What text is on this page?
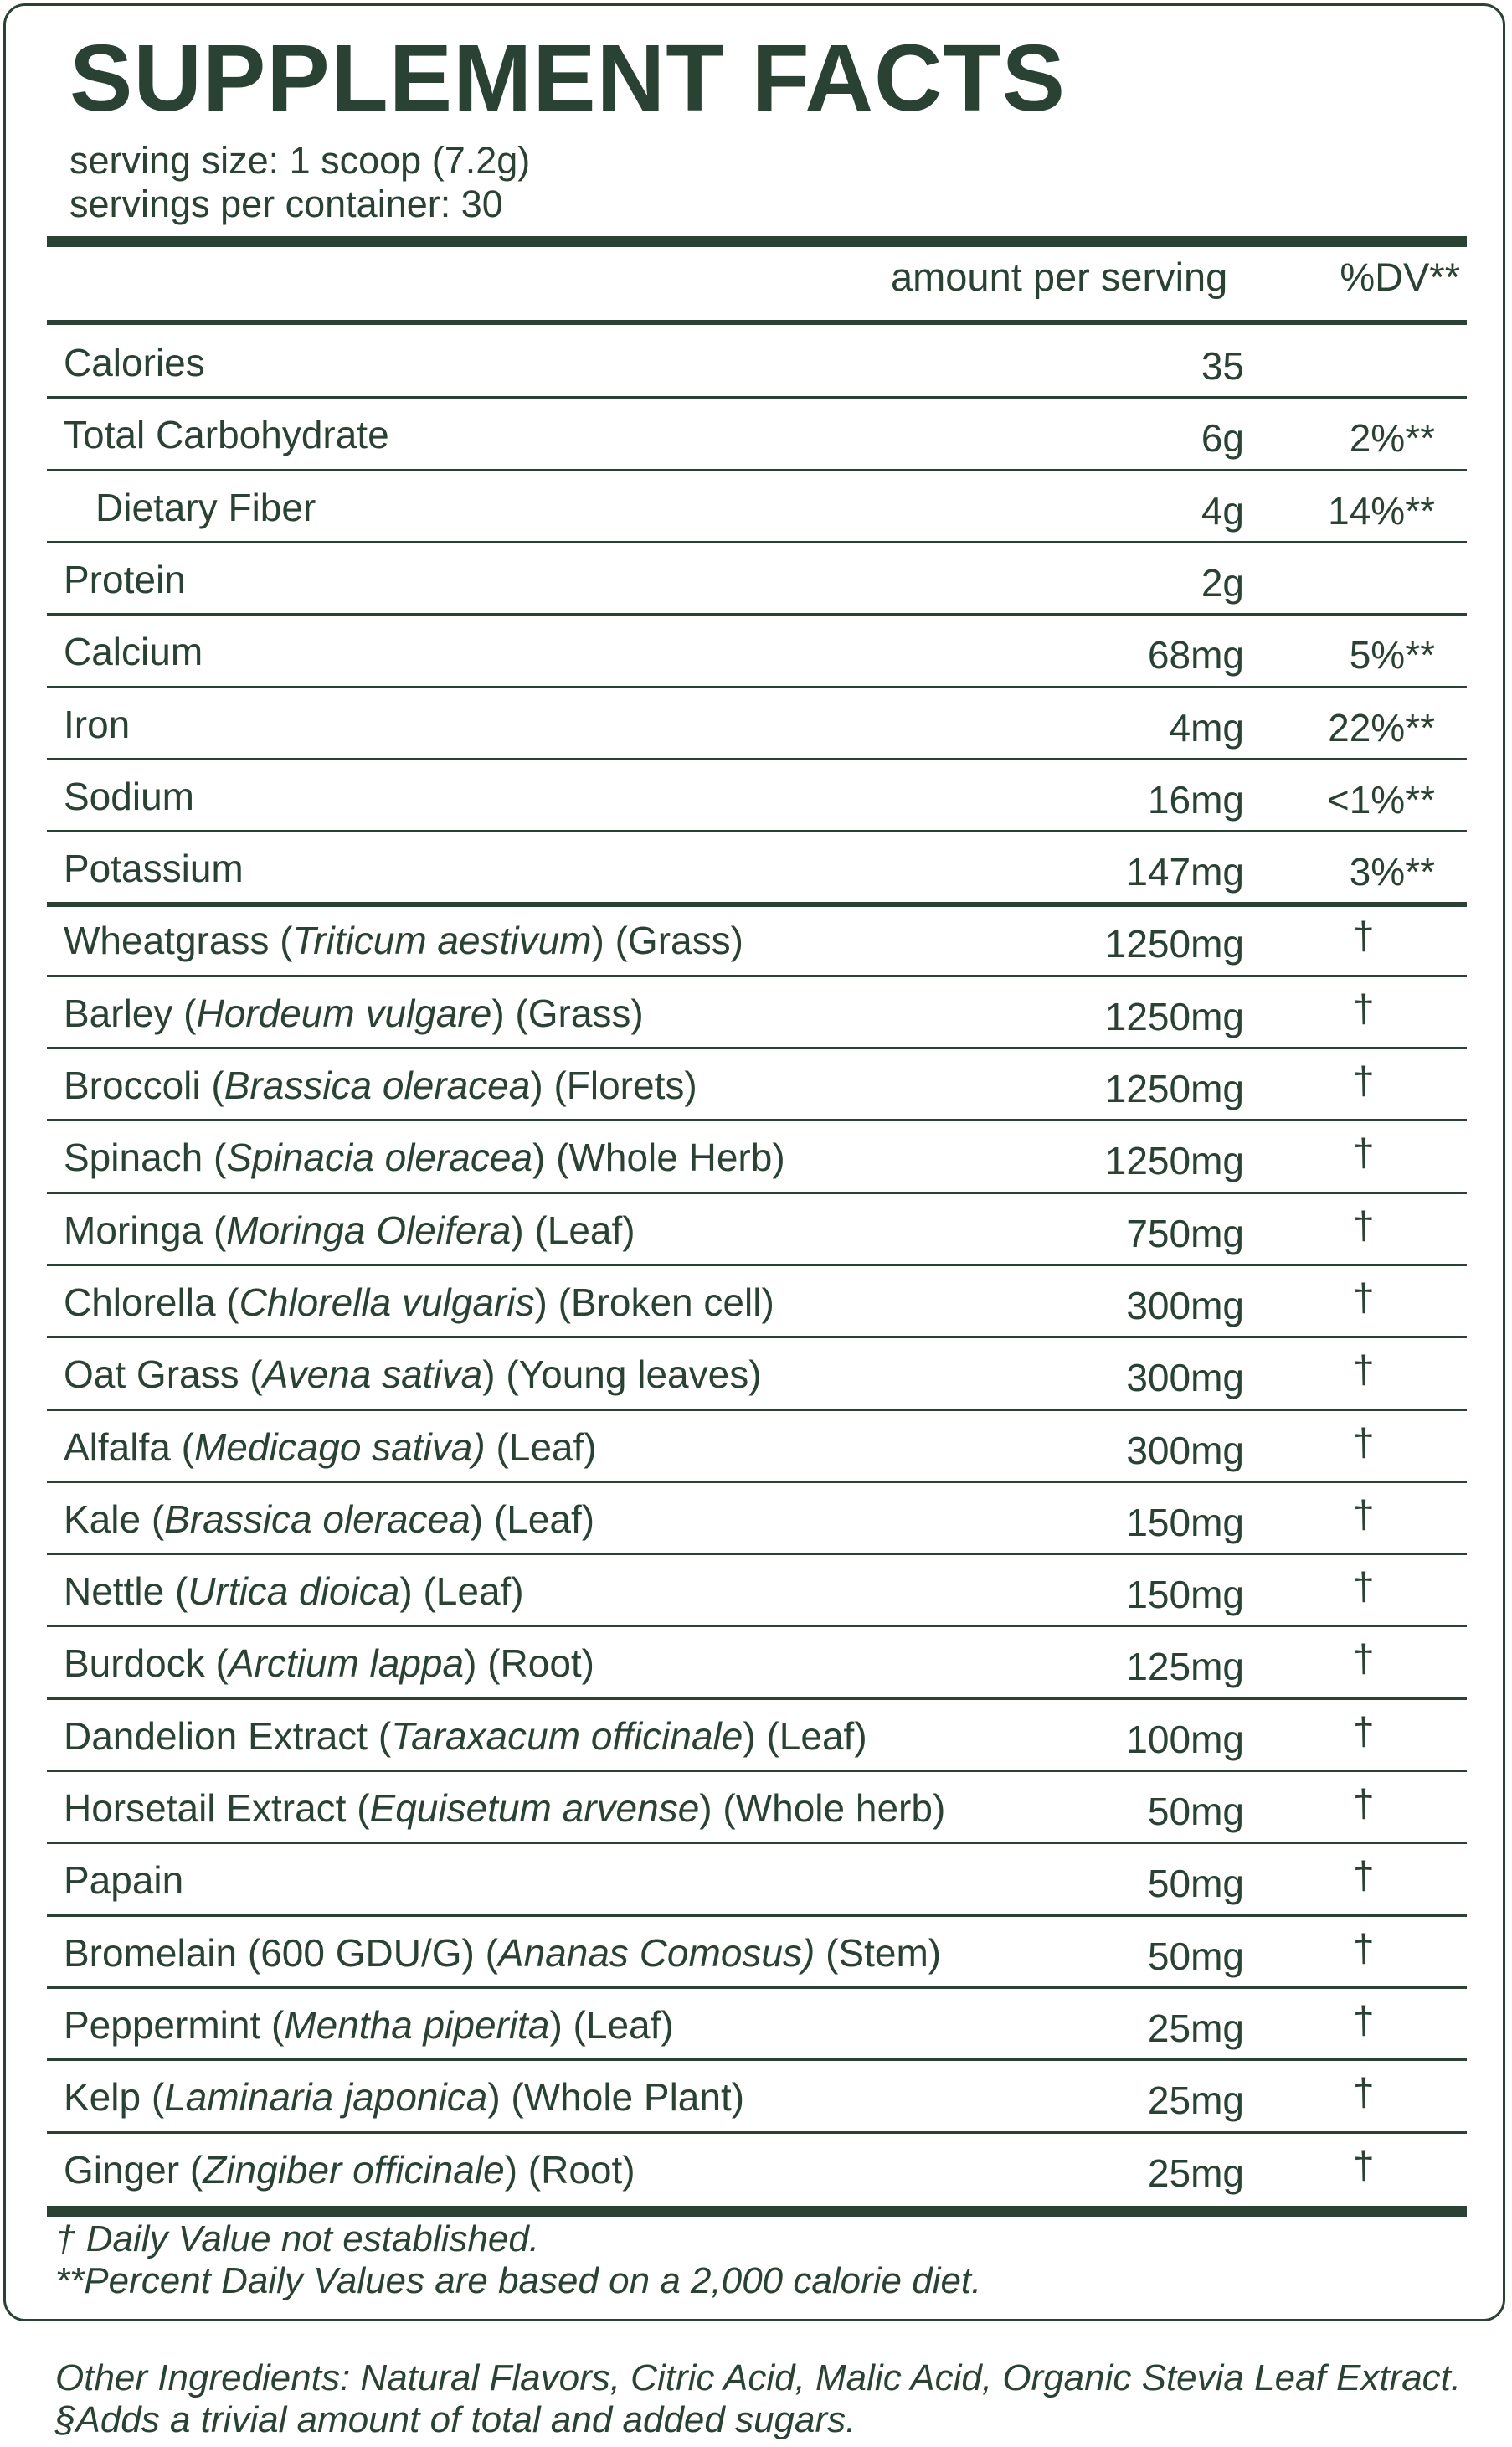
SUPPLEMENT FACTS
serving size: 1 scoop (7.2g)
servings per container: 30
amount per serving	%DV**
Calories	35
Total Carbohydrate	6g	2%**
Dietary Fiber	4g 14%**
Protein	2g
Calcium	68mg	5%**
Iron	4mg 22%**
Sodium	16mg <1%**
Potassium	147mg	3%**
Wheatgrass (Triticum aestivum) (Grass)	1250mg	†
Barley (Hordeum vulgare) (Grass)	1250mg	†
Broccoli (Brassica oleracea) (Florets)	1250mg	†
Spinach (Spinacia oleracea) (Whole Herb)	1250mg	†
Moringa (Moringa Oleifera) (Leaf)	750mg	†
Chlorella (Chlorella vulgaris) (Broken cell)	300mg	†
Oat Grass (Avena sativa) (Young leaves)	300mg	†
Alfalfa (Medicago sativa) (Leaf)	300mg	†
Kale (Brassica oleracea) (Leaf)	150mg	†
Nettle (Urtica dioica) (Leaf)	150mg	†
Burdock (Arctium lappa) (Root)	125mg	†
Dandelion Extract (Taraxacum officinale) (Leaf)	100mg	†
Horsetail Extract (Equisetum arvense) (Whole herb)	50mg	†
Papain	50mg	†
Bromelain (600 GDU/G) (Ananas Comosus) (Stem)	50mg	†
Peppermint (Mentha piperita) (Leaf)	25mg	†
Kelp (Laminaria japonica) (Whole Plant)	25mg	†
Ginger (Zingiber officinale) (Root)	25mg	†
† Daily Value not established.
**Percent Daily Values are based on a 2,000 calorie diet.
Other Ingredients: Natural Flavors, Citric Acid, Malic Acid, Organic Stevia Leaf Extract.
§Adds a trivial amount of total and added sugars.
